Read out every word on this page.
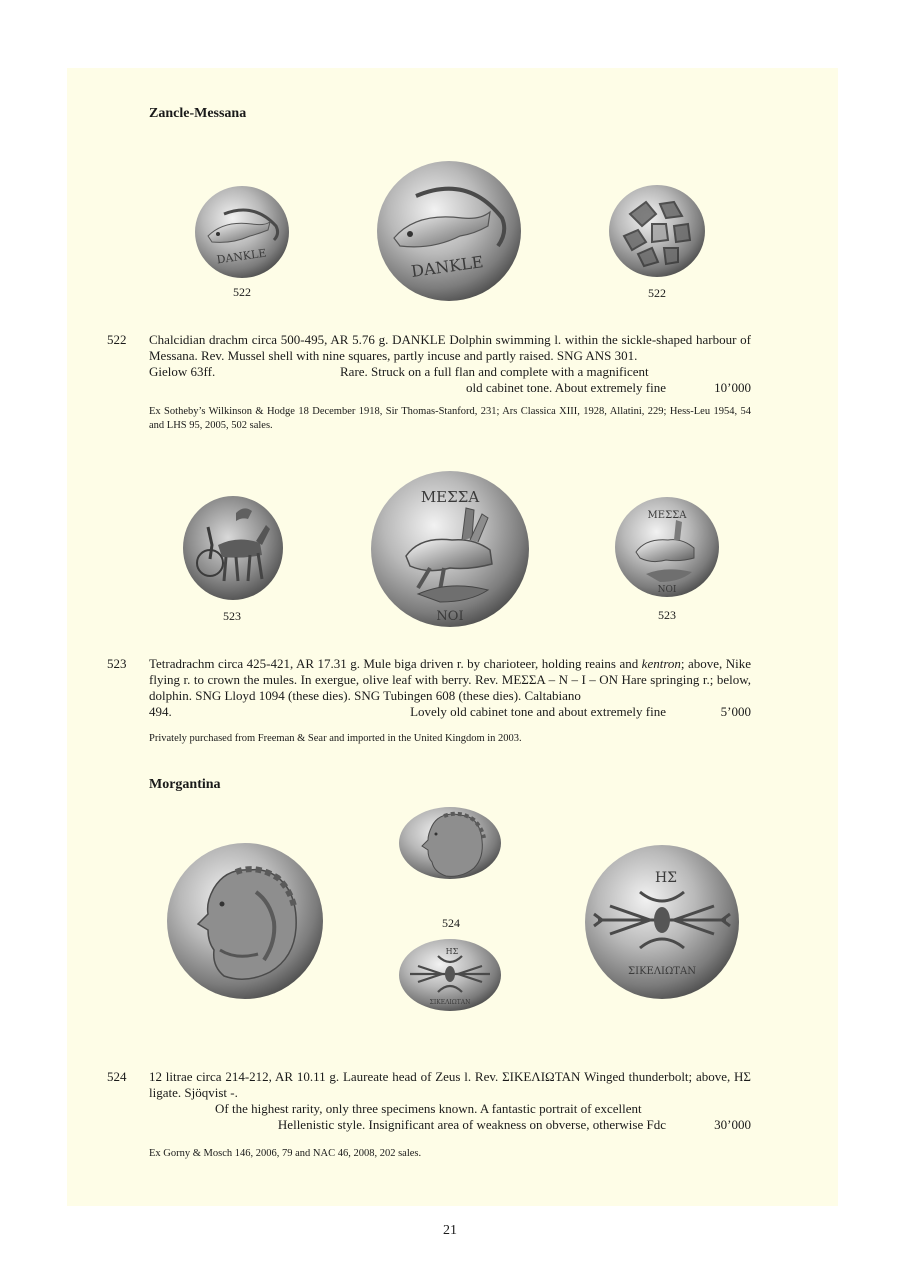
Zancle-Messana
DANKLE	DANKLE
522	522
522 Chalcidian drachm circa 500-495, AR 5.76 g. DANKLE Dolphin swimming l. within the sickle-shaped harbour of Messana. Rev. Mussel shell with nine squares, partly incuse and partly raised. SNG ANS 301.
Gielow 63ff.	Rare. Struck on a full flan and complete with a magnificent
old cabinet tone. About extremely fine	10’000
Ex Sotheby’s Wilkinson & Hodge 18 December 1918, Sir Thomas-Stanford, 231; Ars Classica XIII, 1928, Allatini, 229; Hess-Leu 1954, 54 and LHS 95, 2005, 502 sales.
ΜΕΣΣΑ
ΝΟΙ
ΜΕΣΣΑ
ΝΟΙ
523	523
523 Tetradrachm circa 425-421, AR 17.31 g. Mule biga driven r. by charioteer, holding reains and kentron; above, Nike flying r. to crown the mules. In exergue, olive leaf with berry. Rev. ΜΕΣΣΑ – Ν – Ι – ΟΝ Hare springing r.; below, dolphin. SNG Lloyd 1094 (these dies). SNG Tubingen 608 (these dies). Caltabiano
494.	Lovely old cabinet tone and about extremely fine	5’000
Privately purchased from Freeman & Sear and imported in the United Kingdom in 2003.
Morgantina
524
ΗΣ
ΣΙΚΕΛΙΩΤΑΝ
ΗΣ
ΣΙΚΕΛΙΩΤΑΝ
524 12 litrae circa 214-212, AR 10.11 g. Laureate head of Zeus l. Rev. ΣΙΚΕΛΙΩΤΑΝ Winged thunderbolt; above, ΗΣ ligate. Sjöqvist -.
Of the highest rarity, only three specimens known. A fantastic portrait of excellent
Hellenistic style. Insignificant area of weakness on obverse, otherwise Fdc	30’000
Ex Gorny & Mosch 146, 2006, 79 and NAC 46, 2008, 202 sales.
21
